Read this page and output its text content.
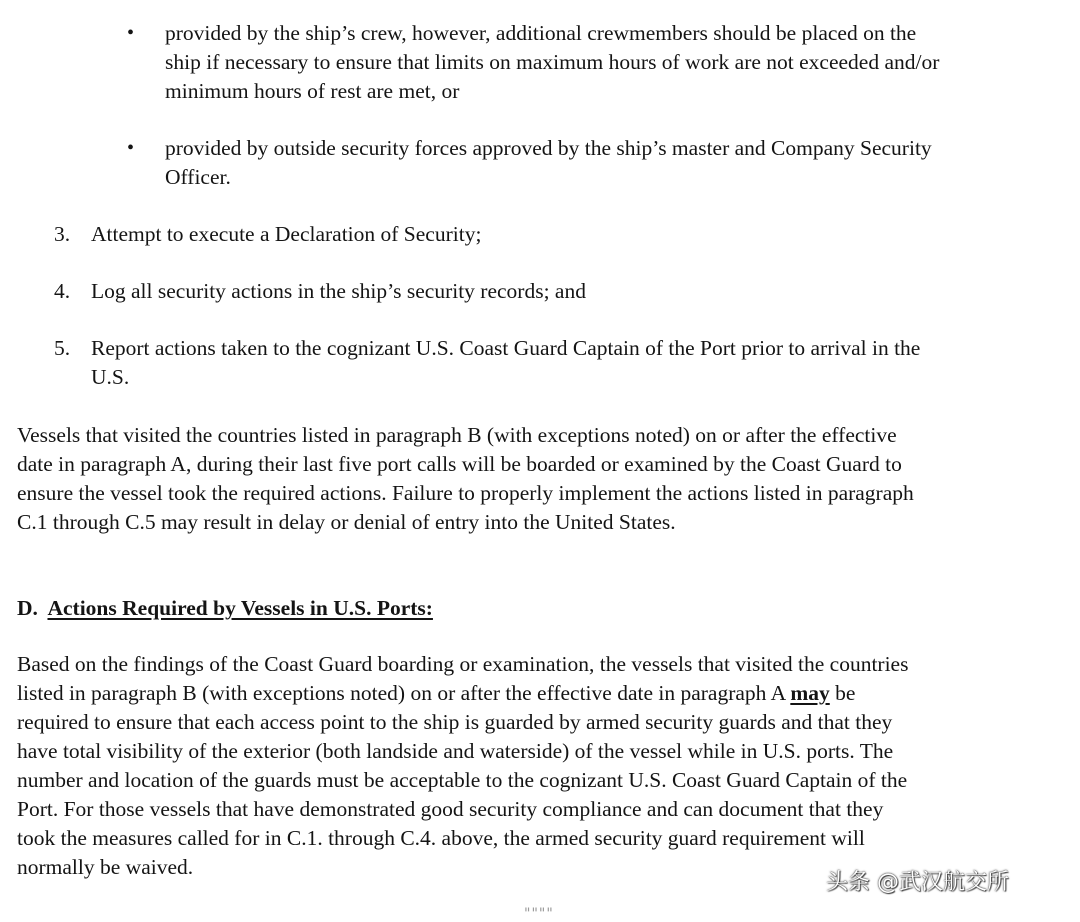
• provided by the ship’s crew, however, additional crewmembers should be placed on the
ship if necessary to ensure that limits on maximum hours of work are not exceeded and/or
minimum hours of rest are met, or
• provided by outside security forces approved by the ship’s master and Company Security
Officer.
3. Attempt to execute a Declaration of Security;
4. Log all security actions in the ship’s security records; and
5. Report actions taken to the cognizant U.S. Coast Guard Captain of the Port prior to arrival in the
U.S.
Vessels that visited the countries listed in paragraph B (with exceptions noted) on or after the effective
date in paragraph A, during their last five port calls will be boarded or examined by the Coast Guard to
ensure the vessel took the required actions. Failure to properly implement the actions listed in paragraph
C.1 through C.5 may result in delay or denial of entry into the United States.
D. Actions Required by Vessels in U.S. Ports:
Based on the findings of the Coast Guard boarding or examination, the vessels that visited the countries
listed in paragraph B (with exceptions noted) on or after the effective date in paragraph A may be
required to ensure that each access point to the ship is guarded by armed security guards and that they
have total visibility of the exterior (both landside and waterside) of the vessel while in U.S. ports. The
number and location of the guards must be acceptable to the cognizant U.S. Coast Guard Captain of the
Port. For those vessels that have demonstrated good security compliance and can document that they
took the measures called for in C.1. through C.4. above, the armed security guard requirement will
normally be waived.
头条 @武汉航交所
""""
